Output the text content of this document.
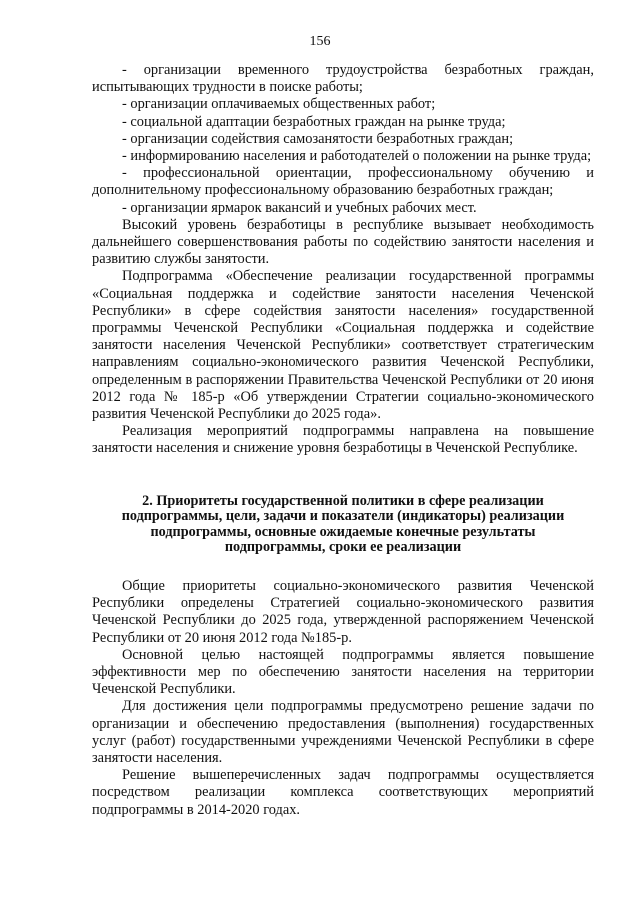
156

- организации временного трудоустройства безработных граждан, испытывающих трудности в поиске работы;

- организации оплачиваемых общественных работ;

- социальной адаптации безработных граждан на рынке труда;

- организации содействия самозанятости безработных граждан;

- информированию населения и работодателей о положении на рынке труда;

- профессиональной ориентации, профессиональному обучению и дополнительному профессиональному образованию безработных граждан;

- организации ярмарок вакансий и учебных рабочих мест.

Высокий уровень безработицы в республике вызывает необходимость дальнейшего совершенствования работы по содействию занятости населения и развитию службы занятости.

Подпрограмма «Обеспечение реализации государственной программы «Социальная поддержка и содействие занятости населения Чеченской Республики» в сфере содействия занятости населения» государственной программы Чеченской Республики «Социальная поддержка и содействие занятости населения Чеченской Республики» соответствует стратегическим направлениям социально-экономического развития Чеченской Республики, определенным в распоряжении Правительства Чеченской Республики от 20 июня 2012 года № 185-р «Об утверждении Стратегии социально-экономического развития Чеченской Республики до 2025 года».

Реализация мероприятий подпрограммы направлена на повышение занятости населения и снижение уровня безработицы в Чеченской Республике.

2. Приоритеты государственной политики в сфере реализации
подпрограммы, цели, задачи и показатели (индикаторы) реализации
подпрограммы, основные ожидаемые конечные результаты
подпрограммы, сроки ее реализации

Общие приоритеты социально-экономического развития Чеченской Республики определены Стратегией социально-экономического развития Чеченской Республики до 2025 года, утвержденной распоряжением Чеченской Республики от 20 июня 2012 года №185-р.

Основной целью настоящей подпрограммы является повышение эффективности мер по обеспечению занятости населения на территории Чеченской Республики.

Для достижения цели подпрограммы предусмотрено решение задачи по организации и обеспечению предоставления (выполнения) государственных услуг (работ) государственными учреждениями Чеченской Республики в сфере занятости населения.

Решение вышеперечисленных задач подпрограммы осуществляется посредством реализации комплекса соответствующих мероприятий подпрограммы в 2014-2020 годах.
